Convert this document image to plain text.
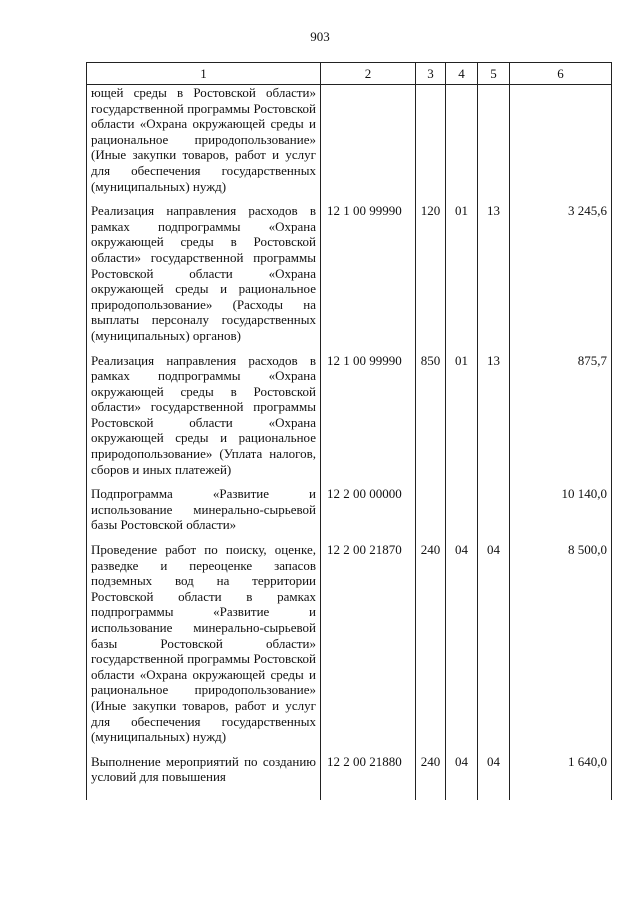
903
1	2	3	4	5	6
ющей среды в Ростовской области» государственной программы Ростовской области «Охрана окружающей среды и рациональное природопользование» (Иные закупки товаров, работ и услуг для обеспечения государственных (муниципальных) нужд)					
Реализация направления расходов в рамках подпрограммы «Охрана окружающей среды в Ростовской области» государственной программы Ростовской области «Охрана окружающей среды и рациональное природопользование» (Расходы на выплаты персоналу государственных (муниципальных) органов)	12 1 00 99990	120	01	13	3 245,6
Реализация направления расходов в рамках подпрограммы «Охрана окружающей среды в Ростовской области» государственной программы Ростовской области «Охрана окружающей среды и рациональное природопользование» (Уплата налогов, сборов и иных платежей)	12 1 00 99990	850	01	13	875,7
Подпрограмма «Развитие и использование минерально-сырьевой базы Ростовской области»	12 2 00 00000				10 140,0
Проведение работ по поиску, оценке, разведке и переоценке запасов подземных вод на территории Ростовской области в рамках подпрограммы «Развитие и использование минерально-сырьевой базы Ростовской области» государственной программы Ростовской области «Охрана окружающей среды и рациональное природопользование» (Иные закупки товаров, работ и услуг для обеспечения государственных (муниципальных) нужд)	12 2 00 21870	240	04	04	8 500,0
Выполнение мероприятий по созданию условий для повышения	12 2 00 21880	240	04	04	1 640,0
